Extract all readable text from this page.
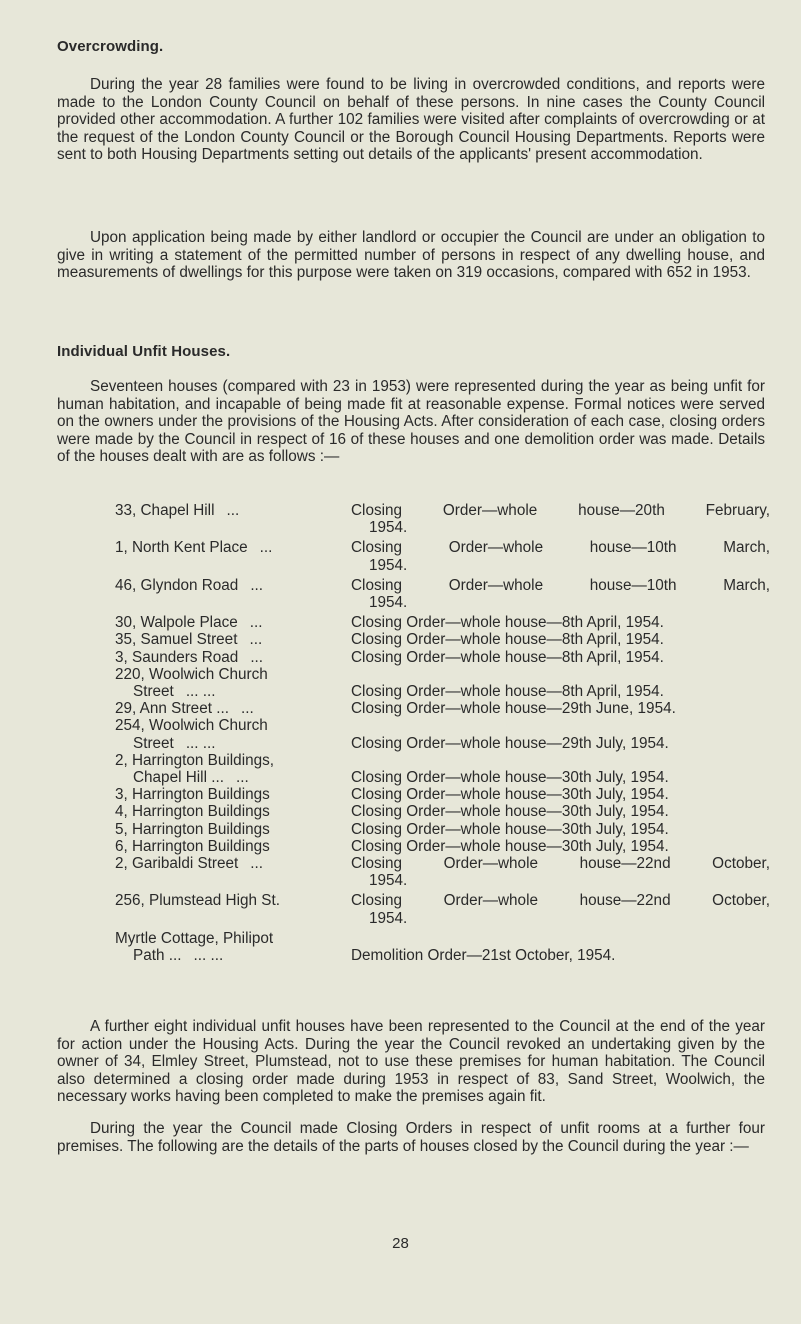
Overcrowding.

During the year 28 families were found to be living in overcrowded conditions, and reports were made to the London County Council on behalf of these persons. In nine cases the County Council provided other accommodation. A further 102 families were visited after complaints of overcrowding or at the request of the London County Council or the Borough Council Housing Departments. Reports were sent to both Housing Departments setting out details of the applicants' present accommodation.

Upon application being made by either landlord or occupier the Council are under an obligation to give in writing a statement of the permitted number of persons in respect of any dwelling house, and measurements of dwellings for this purpose were taken on 319 occasions, compared with 652 in 1953.

Individual Unfit Houses.

Seventeen houses (compared with 23 in 1953) were represented during the year as being unfit for human habitation, and incapable of being made fit at reasonable expense. Formal notices were served on the owners under the provisions of the Housing Acts. After consideration of each case, closing orders were made by the Council in respect of 16 of these houses and one demolition order was made. Details of the houses dealt with are as follows :—

33, Chapel Hill ...	Closing Order—whole house—20th February,
1954.
1, North Kent Place ...	Closing Order—whole house—10th March,
1954.
46, Glyndon Road ...	Closing Order—whole house—10th March,
1954.
30, Walpole Place ...	Closing Order—whole house—8th April, 1954.
35, Samuel Street ...	Closing Order—whole house—8th April, 1954.
3, Saunders Road ...	Closing Order—whole house—8th April, 1954.
220, Woolwich Church
Street ... ...	Closing Order—whole house—8th April, 1954.
29, Ann Street ... ...	Closing Order—whole house—29th June, 1954.
254, Woolwich Church
Street ... ...	Closing Order—whole house—29th July, 1954.
2, Harrington Buildings,
Chapel Hill ... ...	Closing Order—whole house—30th July, 1954.
3, Harrington Buildings	Closing Order—whole house—30th July, 1954.
4, Harrington Buildings	Closing Order—whole house—30th July, 1954.
5, Harrington Buildings	Closing Order—whole house—30th July, 1954.
6, Harrington Buildings	Closing Order—whole house—30th July, 1954.
2, Garibaldi Street ...	Closing Order—whole house—22nd October,
1954.
256, Plumstead High St.	Closing Order—whole house—22nd October,
1954.
Myrtle Cottage, Philipot
Path ... ... ...	Demolition Order—21st October, 1954.

A further eight individual unfit houses have been represented to the Council at the end of the year for action under the Housing Acts. During the year the Council revoked an undertaking given by the owner of 34, Elmley Street, Plumstead, not to use these premises for human habitation. The Council also determined a closing order made during 1953 in respect of 83, Sand Street, Woolwich, the necessary works having been completed to make the premises again fit.

During the year the Council made Closing Orders in respect of unfit rooms at a further four premises. The following are the details of the parts of houses closed by the Council during the year :—

28
